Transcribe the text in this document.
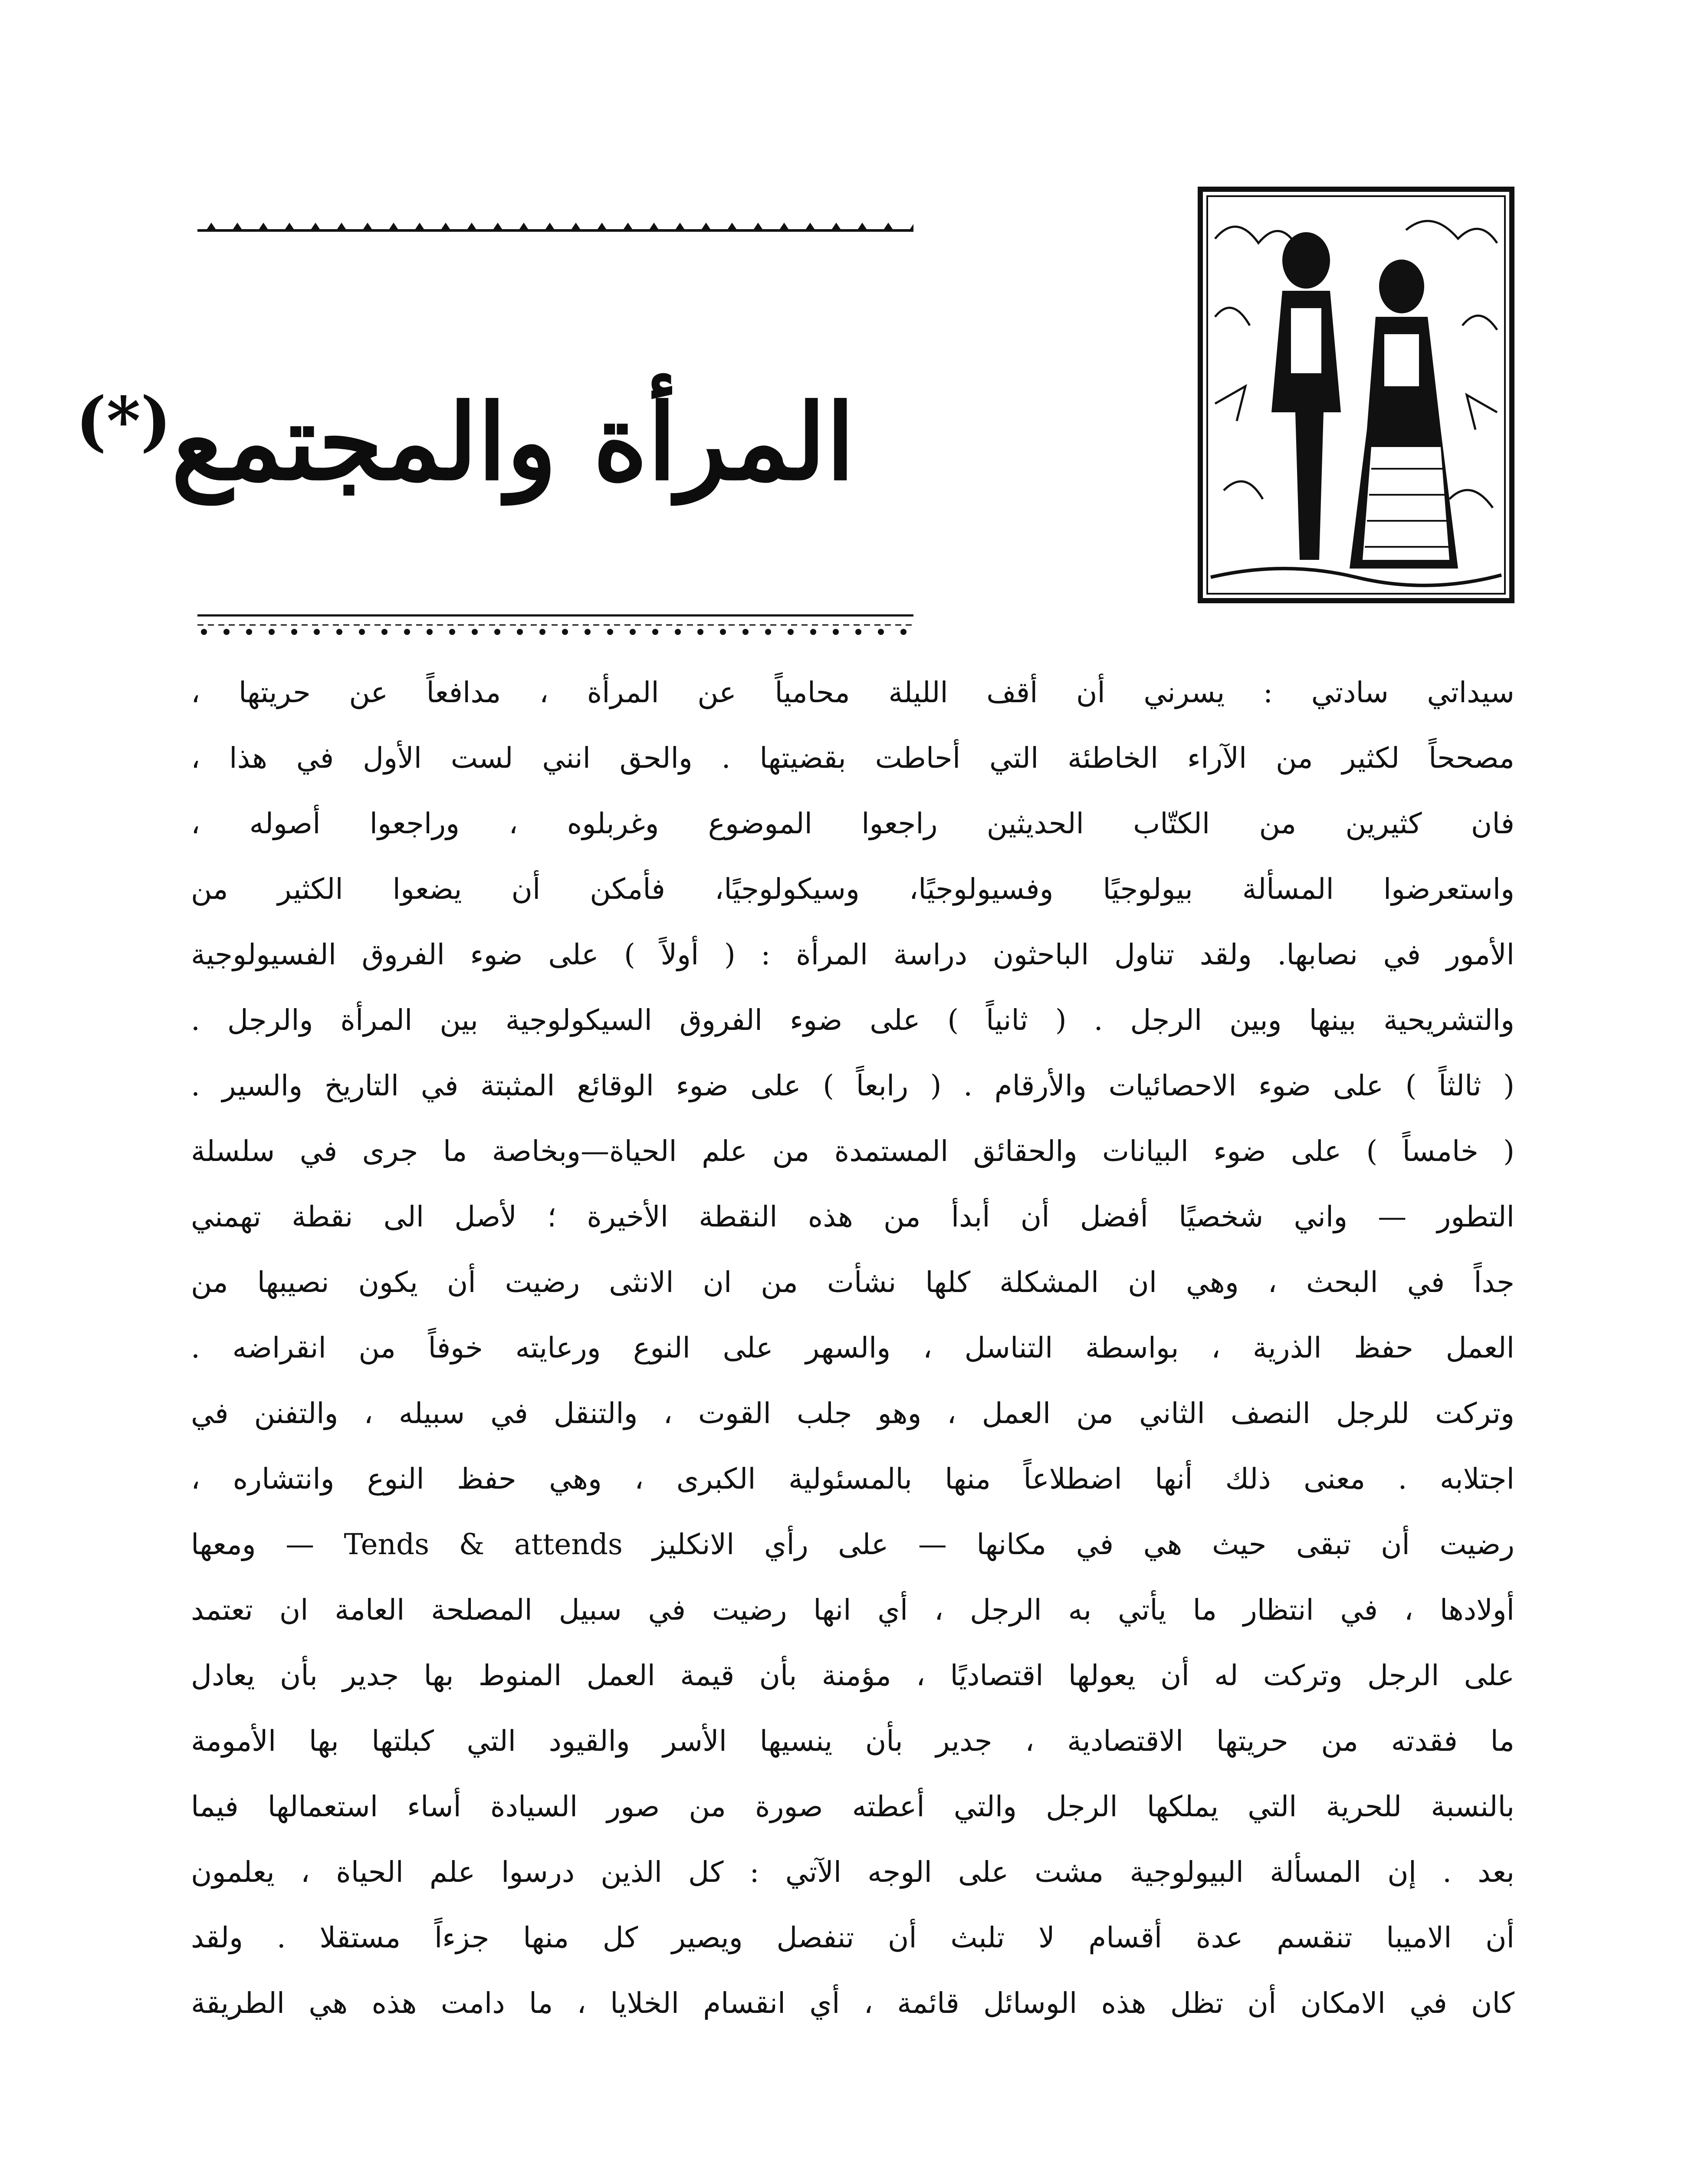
المرأة والمجتمع(*)
سيداتي سادتي : يسرني أن أقف الليلة محامياً عن المرأة ، مدافعاً عن حريتها ،
مصححاً لكثير من الآراء الخاطئة التي أحاطت بقضيتها . والحق انني لست الأول في هذا ،
فان كثيرين من الكتّاب الحديثين راجعوا الموضوع وغربلوه ، وراجعوا أصوله ،
واستعرضوا المسألة بيولوجيًا وفسيولوجيًا، وسيكولوجيًا، فأمكن أن يضعوا الكثير من
الأمور في نصابها. ولقد تناول الباحثون دراسة المرأة : ( أولاً ) على ضوء الفروق الفسيولوجية
والتشريحية بينها وبين الرجل . ( ثانياً ) على ضوء الفروق السيكولوجية بين المرأة والرجل .
( ثالثاً ) على ضوء الاحصائيات والأرقام . ( رابعاً ) على ضوء الوقائع المثبتة في التاريخ والسير .
( خامساً ) على ضوء البيانات والحقائق المستمدة من علم الحياة—وبخاصة ما جرى في سلسلة
التطور — واني شخصيًا أفضل أن أبدأ من هذه النقطة الأخيرة ؛ لأصل الى نقطة تهمني
جداً في البحث ، وهي ان المشكلة كلها نشأت من ان الانثى رضيت أن يكون نصيبها من
العمل حفظ الذرية ، بواسطة التناسل ، والسهر على النوع ورعايته خوفاً من انقراضه .
وتركت للرجل النصف الثاني من العمل ، وهو جلب القوت ، والتنقل في سبيله ، والتفنن في
اجتلابه . معنى ذلك أنها اضطلاعاً منها بالمسئولية الكبرى ، وهي حفظ النوع وانتشاره ،
رضيت أن تبقى حيث هي في مكانها — على رأي الانكليز Tends & attends — ومعها
أولادها ، في انتظار ما يأتي به الرجل ، أي انها رضيت في سبيل المصلحة العامة ان تعتمد
على الرجل وتركت له أن يعولها اقتصاديًا ، مؤمنة بأن قيمة العمل المنوط بها جدير بأن يعادل
ما فقدته من حريتها الاقتصادية ، جدير بأن ينسيها الأسر والقيود التي كبلتها بها الأمومة
بالنسبة للحرية التي يملكها الرجل والتي أعطته صورة من صور السيادة أساء استعمالها فيما
بعد . إن المسألة البيولوجية مشت على الوجه الآتي : كل الذين درسوا علم الحياة ، يعلمون
أن الاميبا تنقسم عدة أقسام لا تلبث أن تنفصل ويصير كل منها جزءاً مستقلا . ولقد
كان في الامكان أن تظل هذه الوسائل قائمة ، أي انقسام الخلايا ، ما دامت هذه هي الطريقة
